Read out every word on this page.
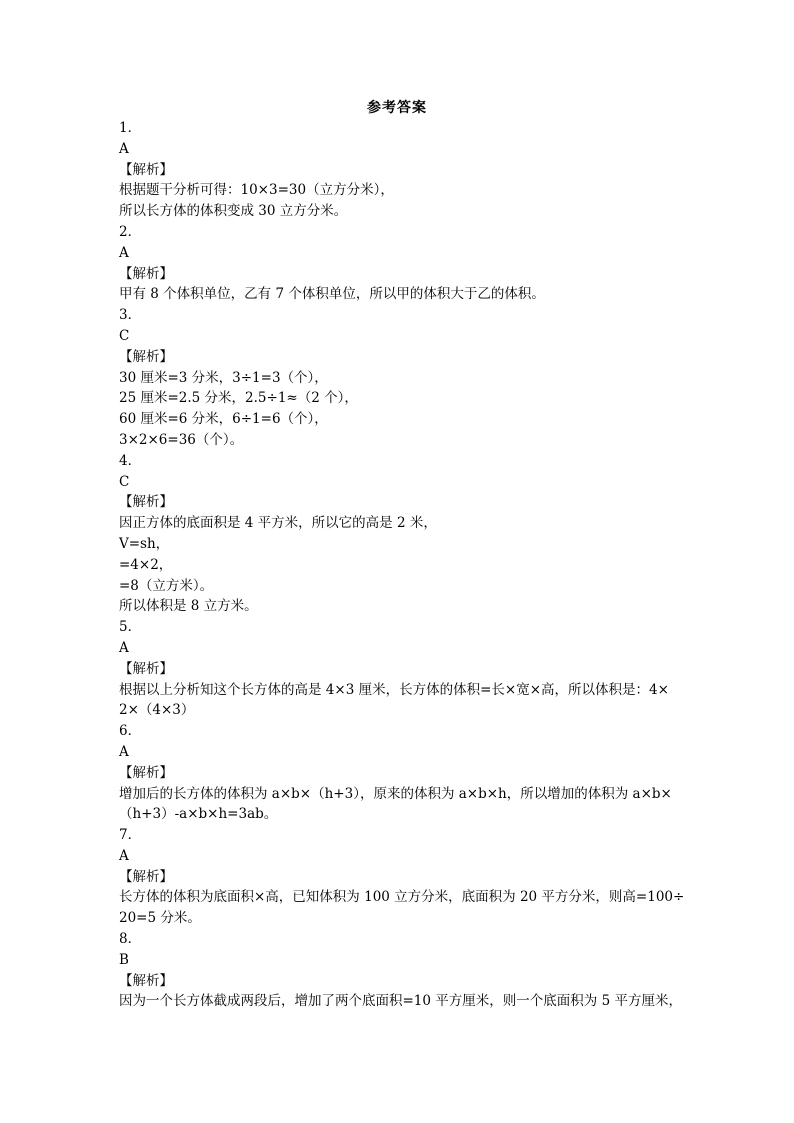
参考答案
1．
A
【解析】
根据题干分析可得：10×3=30（立方分米），
所以长方体的体积变成 30 立方分米。
2．
A
【解析】
甲有 8 个体积单位，乙有 7 个体积单位，所以甲的体积大于乙的体积。
3．
C
【解析】
30 厘米=3 分米，3÷1=3（个），
25 厘米=2.5 分米，2.5÷1≈（2 个），
60 厘米=6 分米，6÷1=6（个），
3×2×6=36（个）。
4．
C
【解析】
因正方体的底面积是 4 平方米，所以它的高是 2 米，
V=sh，
=4×2，
=8（立方米）。
所以体积是 8 立方米。
5．
A
【解析】
根据以上分析知这个长方体的高是 4×3 厘米，长方体的体积=长×宽×高，所以体积是：4×
2×（4×3）
6．
A
【解析】
增加后的长方体的体积为 a×b×（h+3），原来的体积为 a×b×h，所以增加的体积为 a×b×
（h+3）-a×b×h=3ab。
7．
A
【解析】
长方体的体积为底面积×高，已知体积为 100 立方分米，底面积为 20 平方分米，则高=100÷
20=5 分米。
8．
B
【解析】
因为一个长方体截成两段后，增加了两个底面积=10 平方厘米，则一个底面积为 5 平方厘米，
